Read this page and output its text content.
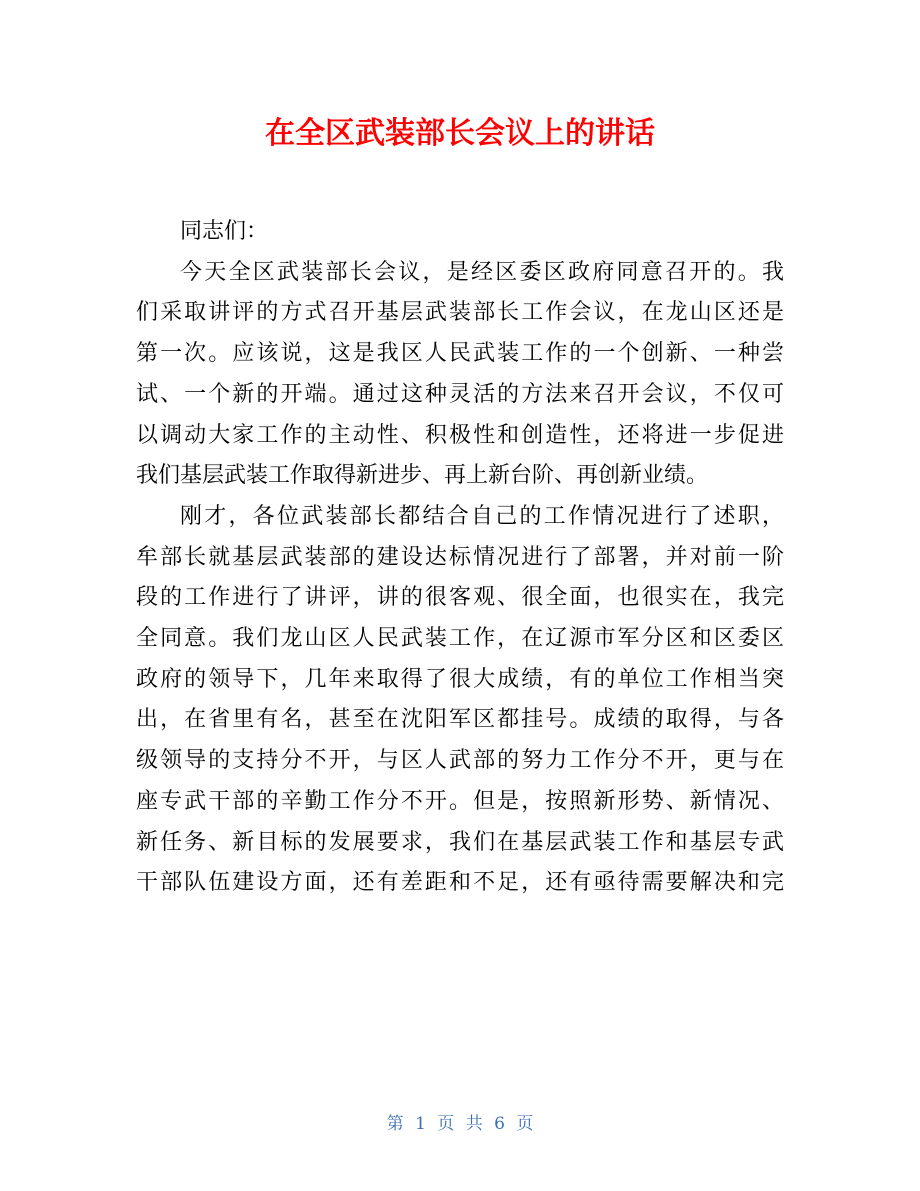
在全区武装部长会议上的讲话

同志们：

今天全区武装部长会议，是经区委区政府同意召开的。我
们采取讲评的方式召开基层武装部长工作会议，在龙山区还是
第一次。应该说，这是我区人民武装工作的一个创新、一种尝
试、一个新的开端。通过这种灵活的方法来召开会议，不仅可
以调动大家工作的主动性、积极性和创造性，还将进一步促进
我们基层武装工作取得新进步、再上新台阶、再创新业绩。
刚才，各位武装部长都结合自己的工作情况进行了述职，
牟部长就基层武装部的建设达标情况进行了部署，并对前一阶
段的工作进行了讲评，讲的很客观、很全面，也很实在，我完
全同意。我们龙山区人民武装工作，在辽源市军分区和区委区
政府的领导下，几年来取得了很大成绩，有的单位工作相当突
出，在省里有名，甚至在沈阳军区都挂号。成绩的取得，与各
级领导的支持分不开，与区人武部的努力工作分不开，更与在
座专武干部的辛勤工作分不开。但是，按照新形势、新情况、
新任务、新目标的发展要求，我们在基层武装工作和基层专武
干部队伍建设方面，还有差距和不足，还有亟待需要解决和完
第 1 页 共 6 页
